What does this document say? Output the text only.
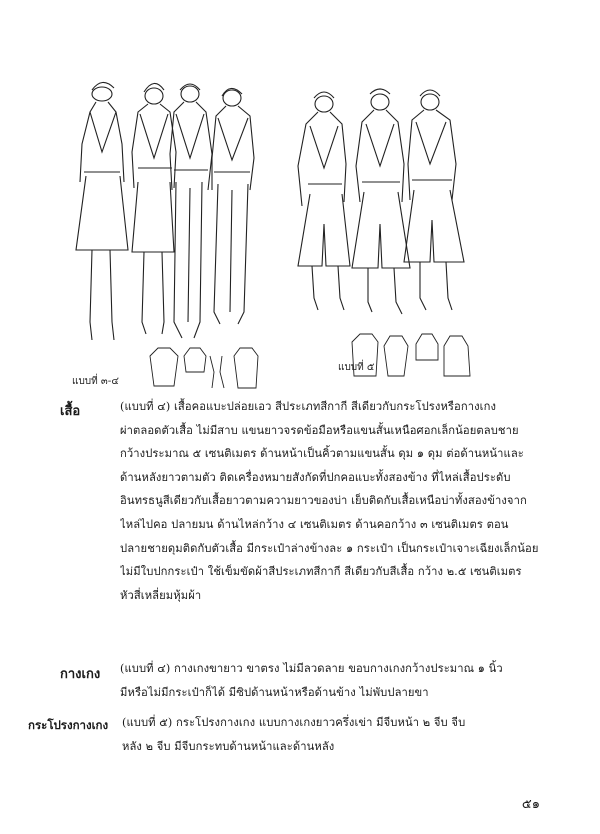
แบบที่ ๓-๔
แบบที่ ๕
เสื้อ	(แบบที่ ๔) เสื้อคอแบะปล่อยเอว สีประเภทสีกากี สีเดียวกับกระโปรงหรือกางเกง
ผ่าตลอดตัวเสื้อ ไม่มีสาบ แขนยาวจรดข้อมือหรือแขนสั้นเหนือศอกเล็กน้อยตลบชาย
กว้างประมาณ ๕ เซนติเมตร ด้านหน้าเป็นคิ้วตามแขนสั้น ดุม ๑ ดุม ต่อด้านหน้าและ
ด้านหลังยาวตามตัว ติดเครื่องหมายสังกัดที่ปกคอแบะทั้งสองข้าง ที่ไหล่เสื้อประดับ
อินทรธนูสีเดียวกับเสื้อยาวตามความยาวของบ่า เย็บติดกับเสื้อเหนือบ่าทั้งสองข้างจาก
ไหล่ไปคอ ปลายมน ด้านไหล่กว้าง ๔ เซนติเมตร ด้านคอกว้าง ๓ เซนติเมตร ตอน
ปลายชายดุมติดกับตัวเสื้อ มีกระเป๋าล่างข้างละ ๑ กระเป๋า เป็นกระเป๋าเจาะเฉียงเล็กน้อย
ไม่มีใบปกกระเป๋า ใช้เข็มขัดผ้าสีประเภทสีกากี สีเดียวกับสีเสื้อ กว้าง ๒.๕ เซนติเมตร
หัวสี่เหลี่ยมหุ้มผ้า
กางเกง (แบบที่ ๔) กางเกงขายาว ขาตรง ไม่มีลวดลาย ขอบกางเกงกว้างประมาณ ๑ นิ้ว
มีหรือไม่มีกระเป๋าก็ได้ มีซิปด้านหน้าหรือด้านข้าง ไม่พับปลายขา
กระโปรงกางเกง (แบบที่ ๕) กระโปรงกางเกง แบบกางเกงยาวครึ่งเข่า มีจีบหน้า ๒ จีบ จีบ
หลัง ๒ จีบ มีจีบกระทบด้านหน้าและด้านหลัง
๕๑
